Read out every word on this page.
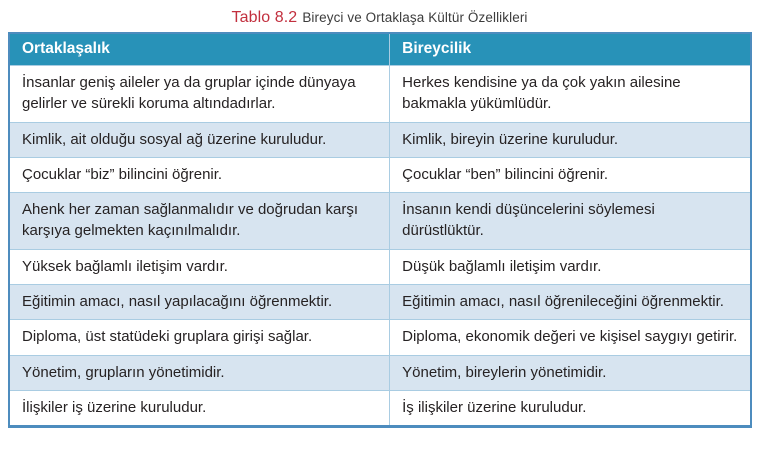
Tablo 8.2 Bireyci ve Ortaklaşa Kültür Özellikleri
Ortaklaşalık	Bireycilik
İnsanlar geniş aileler ya da gruplar içinde dünyaya gelirler ve sürekli koruma altındadırlar.	Herkes kendisine ya da çok yakın ailesine bakmakla yükümlüdür.
Kimlik, ait olduğu sosyal ağ üzerine kuruludur.	Kimlik, bireyin üzerine kuruludur.
Çocuklar “biz” bilincini öğrenir.	Çocuklar “ben” bilincini öğrenir.
Ahenk her zaman sağlanmalıdır ve doğrudan karşı karşıya gelmekten kaçınılmalıdır.	İnsanın kendi düşüncelerini söylemesi dürüstlüktür.
Yüksek bağlamlı iletişim vardır.	Düşük bağlamlı iletişim vardır.
Eğitimin amacı, nasıl yapılacağını öğrenmektir.	Eğitimin amacı, nasıl öğrenileceğini öğrenmektir.
Diploma, üst statüdeki gruplara girişi sağlar.	Diploma, ekonomik değeri ve kişisel saygıyı getirir.
Yönetim, grupların yönetimidir.	Yönetim, bireylerin yönetimidir.
İlişkiler iş üzerine kuruludur.	İş ilişkiler üzerine kuruludur.
